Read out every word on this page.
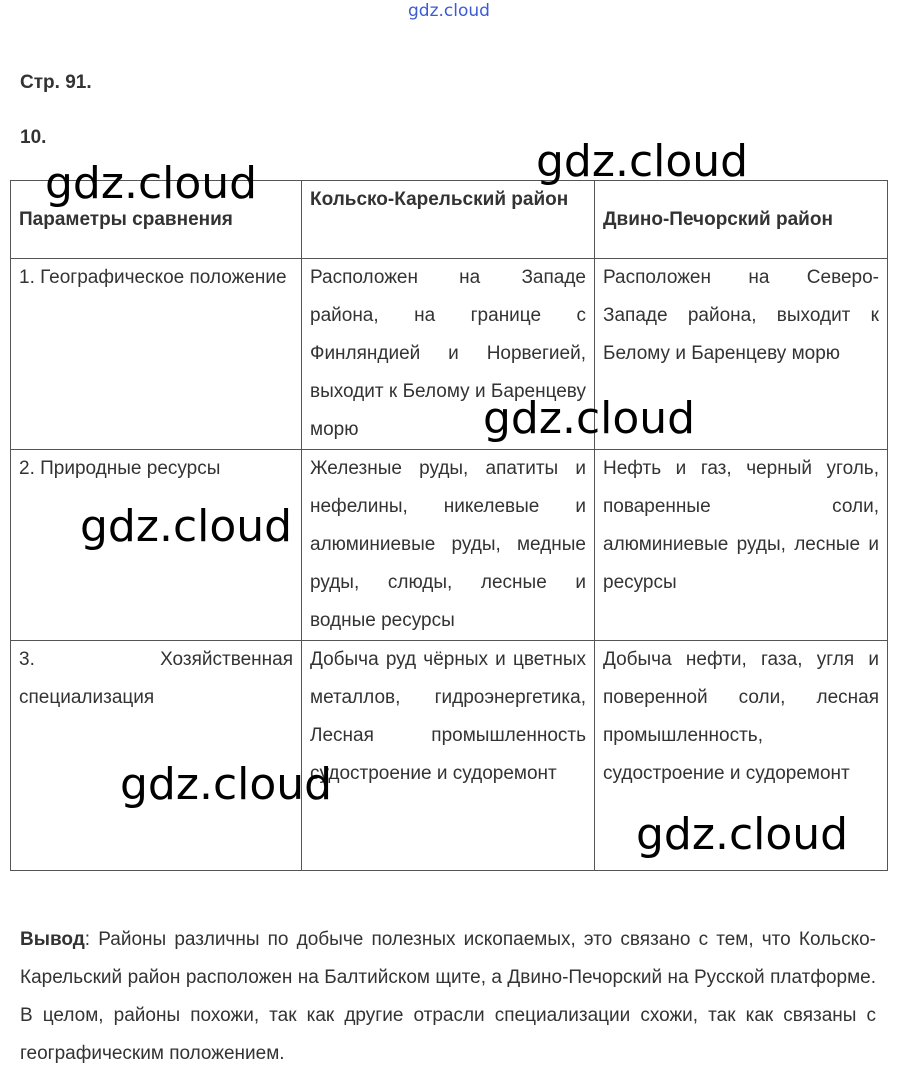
gdz.cloud
Стр. 91.
10.
Параметры сравнения	Кольско-Карельский район	Двино-Печорский район
1. Географическое положение	Расположен на Западе района, на границе с Финляндией и Норвегией, выходит к Белому и Баренцеву морю	Расположен на Северо-Западе района, выходит к Белому и Баренцеву морю
2. Природные ресурсы	Железные руды, апатиты и нефелины, никелевые и алюминиевые руды, медные руды, слюды, лесные и водные ресурсы	Нефть и газ, черный уголь, поваренные соли, алюминиевые руды, лесные и ресурсы
3. Хозяйственная специализация	Добыча руд чёрных и цветных металлов, гидроэнергетика, Лесная промышленность судостроение и судоремонт	Добыча нефти, газа, угля и поверенной соли, лесная промышленность, судостроение и судоремонт
Вывод: Районы различны по добыче полезных ископаемых, это связано с тем, что Кольско-Карельский район расположен на Балтийском щите, а Двино-Печорский на Русской платформе. В целом, районы похожи, так как другие отрасли специализации схожи, так как связаны с географическим положением.
gdz.cloud	gdz.cloud
gdz.cloud
gdz.cloud
gdz.cloud
gdz.cloud
